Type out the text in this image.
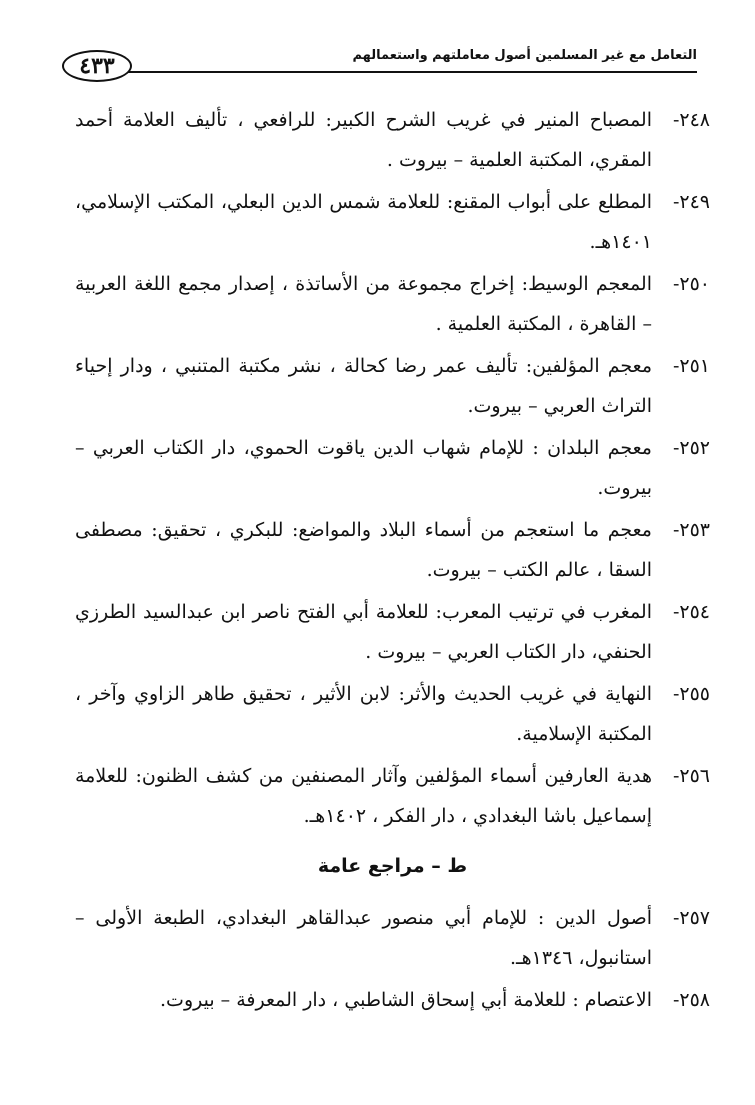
٤٣٣	التعامل مع غير المسلمين أصول معاملتهم واستعمالهم
٢٤٨-
المصباح المنير في غريب الشرح الكبير: للرافعي ، تأليف العلامة أحمد المقري، المكتبة العلمية – بيروت .
٢٤٩-
المطلع على أبواب المقنع: للعلامة شمس الدين البعلي، المكتب الإسلامي، ١٤٠١هـ.
٢٥٠-
المعجم الوسيط: إخراج مجموعة من الأساتذة ، إصدار مجمع اللغة العربية – القاهرة ، المكتبة العلمية .
٢٥١-
معجم المؤلفين: تأليف عمر رضا كحالة ، نشر مكتبة المتنبي ، ودار إحياء التراث العربي – بيروت.
٢٥٢-
معجم البلدان : للإمام شهاب الدين ياقوت الحموي، دار الكتاب العربي – بيروت.
٢٥٣-
معجم ما استعجم من أسماء البلاد والمواضع: للبكري ، تحقيق: مصطفى السقا ، عالم الكتب – بيروت.
٢٥٤-
المغرب في ترتيب المعرب: للعلامة أبي الفتح ناصر ابن عبدالسيد الطرزي الحنفي، دار الكتاب العربي – بيروت .
٢٥٥-
النهاية في غريب الحديث والأثر: لابن الأثير ، تحقيق طاهر الزاوي وآخر ، المكتبة الإسلامية.
٢٥٦-
هدية العارفين أسماء المؤلفين وآثار المصنفين من كشف الظنون: للعلامة إسماعيل باشا البغدادي ، دار الفكر ، ١٤٠٢هـ.
ط – مراجع عامة
٢٥٧-
أصول الدين : للإمام أبي منصور عبدالقاهر البغدادي، الطبعة الأولى – استانبول، ١٣٤٦هـ.
٢٥٨-
الاعتصام : للعلامة أبي إسحاق الشاطبي ، دار المعرفة – بيروت.
